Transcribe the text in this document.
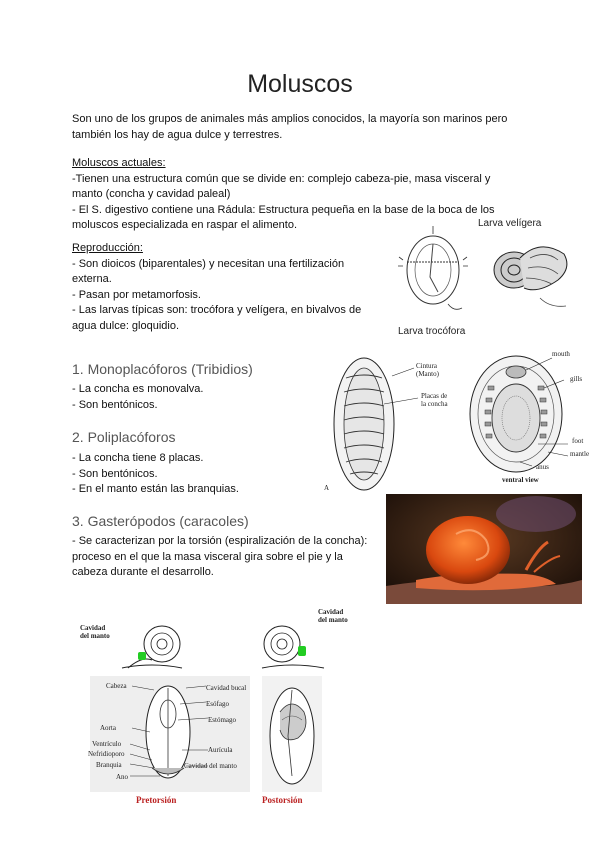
Moluscos

Son uno de los grupos de animales más amplios conocidos, la mayoría son marinos pero

también los hay de agua dulce y terrestres.

Moluscos actuales:

-Tienen una estructura común que se divide en: complejo cabeza-pie, masa visceral y

manto (concha y cavidad paleal)

- El S. digestivo contiene una Rádula: Estructura pequeña en la base de la boca de los

moluscos especializada en raspar el alimento.

Reproducción:

- Son dioicos (biparentales) y necesitan una fertilización

externa.

- Pasan por metamorfosis.

- Las larvas típicas son: trocófora y velígera, en bivalvos de

agua dulce: gloquidio.

Larva velígera
Larva trocófora
1. Monoplacóforos (Tribidios)

- La concha es monovalva.

- Son bentónicos.

2. Poliplacóforos

- La concha tiene 8 placas.

- Son bentónicos.

- En el manto están las branquias.

3. Gasterópodos (caracoles)

- Se caracterizan por la torsión (espiralización de la concha):

proceso en el que la masa visceral gira sobre el pie y la

cabeza durante el desarrollo.

Cintura
(Manto)
Placas de
la concha
A
mouth
gills
foot
mantle
anus
ventral view
Cavidad
del manto
Cavidad
del manto
Cabeza
Aorta
Ventrículo
Nefridioporo
Branquia
Ano
Cavidad bucal
Esófago
Estómago
Aurícula
Cavidad del manto
Pretorsión	Postorsión
